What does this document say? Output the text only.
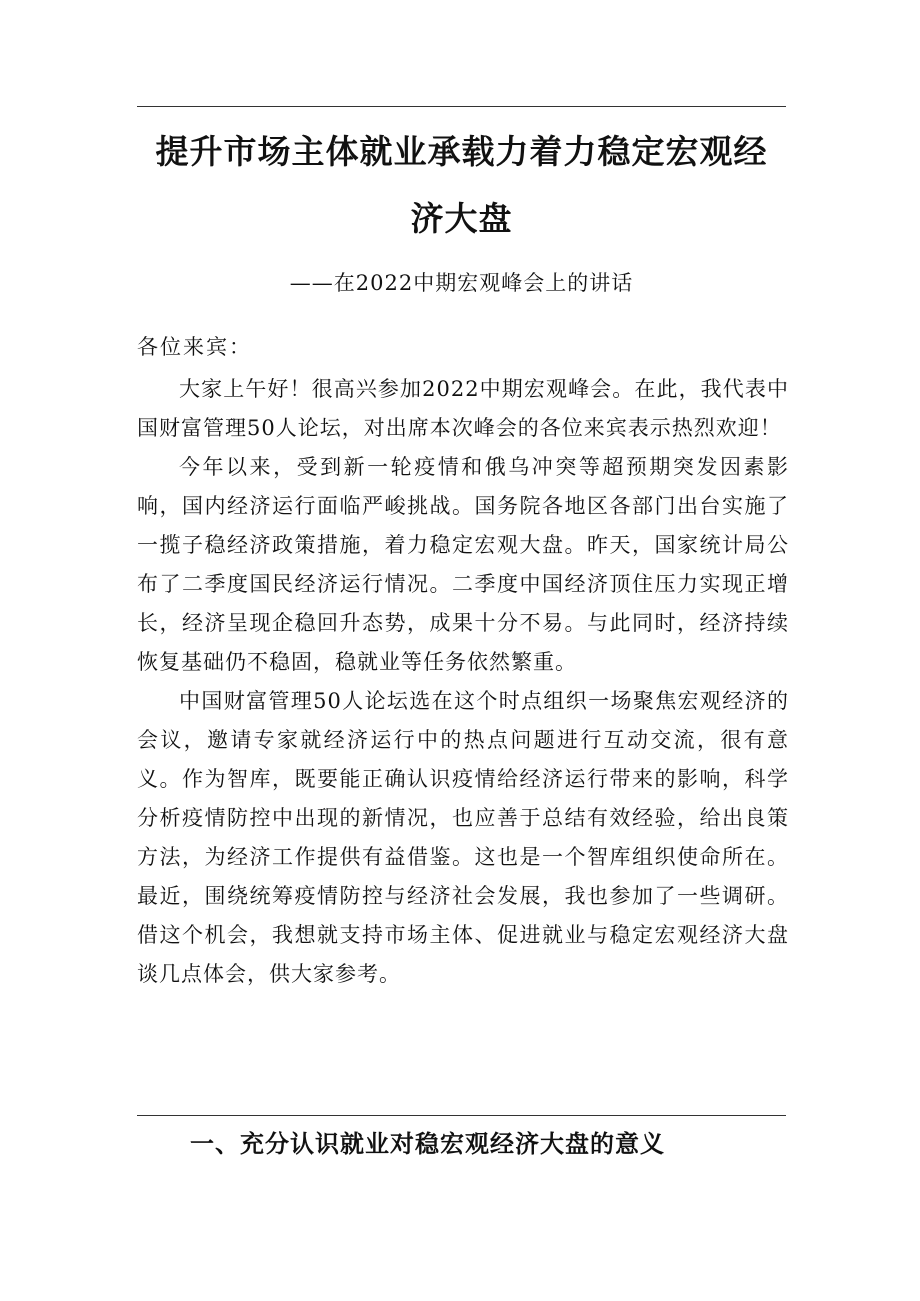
提升市场主体就业承载力着力稳定宏观经
济大盘
——在2022中期宏观峰会上的讲话
各位来宾：

大家上午好！很高兴参加2022中期宏观峰会。在此，我代表中国财富管理50人论坛，对出席本次峰会的各位来宾表示热烈欢迎！

今年以来，受到新一轮疫情和俄乌冲突等超预期突发因素影响，国内经济运行面临严峻挑战。国务院各地区各部门出台实施了一揽子稳经济政策措施，着力稳定宏观大盘。昨天，国家统计局公布了二季度国民经济运行情况。二季度中国经济顶住压力实现正增长，经济呈现企稳回升态势，成果十分不易。与此同时，经济持续恢复基础仍不稳固，稳就业等任务依然繁重。

中国财富管理50人论坛选在这个时点组织一场聚焦宏观经济的会议，邀请专家就经济运行中的热点问题进行互动交流，很有意义。作为智库，既要能正确认识疫情给经济运行带来的影响，科学分析疫情防控中出现的新情况，也应善于总结有效经验，给出良策方法，为经济工作提供有益借鉴。这也是一个智库组织使命所在。最近，围绕统筹疫情防控与经济社会发展，我也参加了一些调研。借这个机会，我想就支持市场主体、促进就业与稳定宏观经济大盘谈几点体会，供大家参考。

一、充分认识就业对稳宏观经济大盘的意义
